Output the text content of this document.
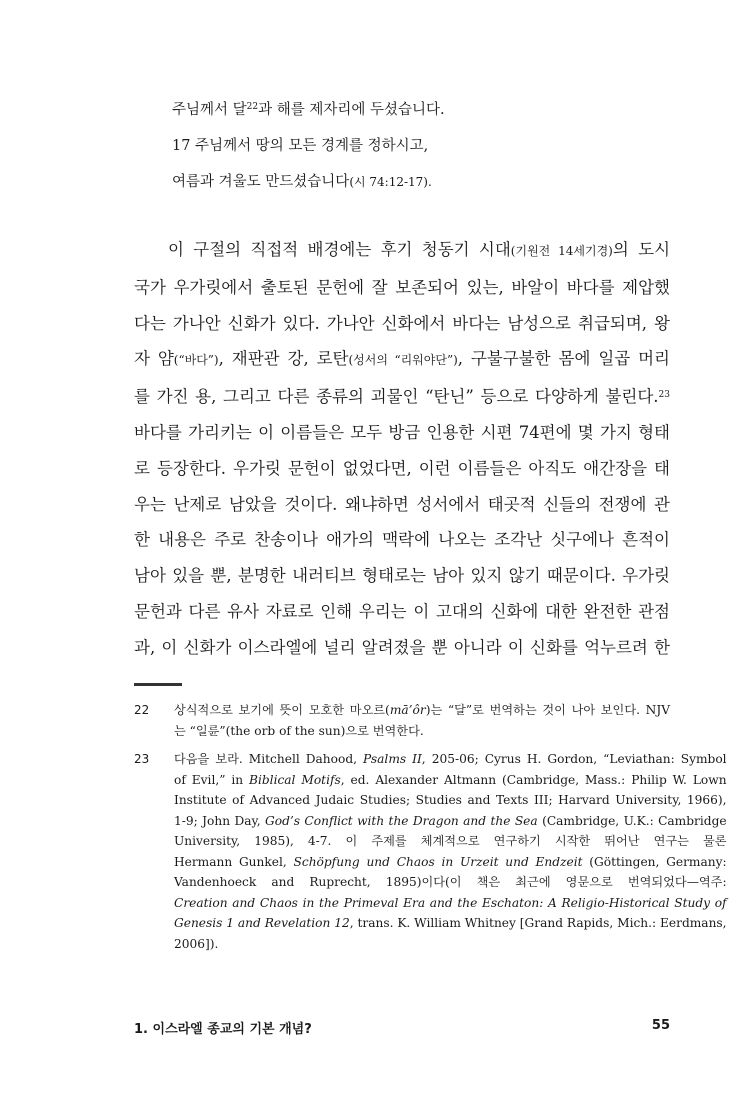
주님께서 달$^{22}$과 해를 제자리에 두셨습니다.
17 주님께서 땅의 모든 경계를 정하시고,
여름과 겨울도 만드셨습니다(시 74:12-17).
이 구절의 직접적 배경에는 후기 청동기 시대(기원전 14세기경)의 도시
국가 우가릿에서 출토된 문헌에 잘 보존되어 있는, 바알이 바다를 제압했
다는 가나안 신화가 있다. 가나안 신화에서 바다는 남성으로 취급되며, 왕
자 얌(“바다”), 재판관 강, 로탄(성서의 “리워야단”), 구불구불한 몸에 일곱 머리
를 가진 용, 그리고 다른 종류의 괴물인 “탄닌” 등으로 다양하게 불린다.$^{23}$
바다를 가리키는 이 이름들은 모두 방금 인용한 시편 74편에 몇 가지 형태
로 등장한다. 우가릿 문헌이 없었다면, 이런 이름들은 아직도 애간장을 태
우는 난제로 남았을 것이다. 왜냐하면 성서에서 태곳적 신들의 전쟁에 관
한 내용은 주로 찬송이나 애가의 맥락에 나오는 조각난 싯구에나 흔적이
남아 있을 뿐, 분명한 내러티브 형태로는 남아 있지 않기 때문이다. 우가릿
문헌과 다른 유사 자료로 인해 우리는 이 고대의 신화에 대한 완전한 관점
과, 이 신화가 이스라엘에 널리 알려졌을 뿐 아니라 이 신화를 억누르려 한
22	상식적으로 보기에 뜻이 모호한 마오르(mā’ôr)는 “달”로 번역하는 것이 나아 보인다. NJV
는 “일륜”(the orb of the sun)으로 번역한다.
23	다음을 보라. Mitchell Dahood, Psalms II, 205-06; Cyrus H. Gordon, “Leviathan: Symbol
of Evil,” in Biblical Motifs, ed. Alexander Altmann (Cambridge, Mass.: Philip W. Lown
Institute of Advanced Judaic Studies; Studies and Texts III; Harvard University, 1966),
1-9; John Day, God’s Conflict with the Dragon and the Sea (Cambridge, U.K.: Cambridge
University, 1985), 4-7. 이 주제를 체계적으로 연구하기 시작한 뛰어난 연구는 물론
Hermann Gunkel, Schöpfung und Chaos in Urzeit und Endzeit (Göttingen, Germany:
Vandenhoeck and Ruprecht, 1895)이다(이 책은 최근에 영문으로 번역되었다—역주:
Creation and Chaos in the Primeval Era and the Eschaton: A Religio-Historical Study of
Genesis 1 and Revelation 12, trans. K. William Whitney [Grand Rapids, Mich.: Eerdmans,
2006]).
1. 이스라엘 종교의 기본 개념?	55
